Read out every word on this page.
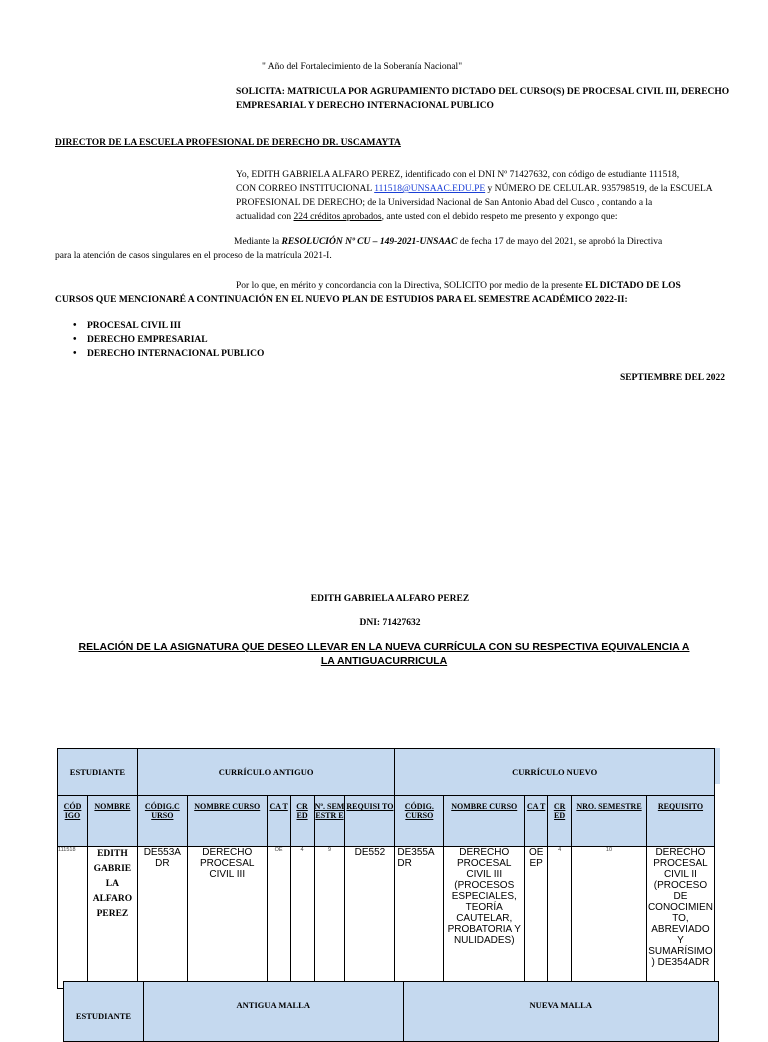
" Año del Fortalecimiento de la Soberanía Nacional"
SOLICITA: MATRICULA POR AGRUPAMIENTO DICTADO DEL CURSO(S) DE PROCESAL CIVIL III, DERECHO
EMPRESARIAL Y DERECHO INTERNACIONAL PUBLICO
DIRECTOR DE LA ESCUELA PROFESIONAL DE DERECHO DR. USCAMAYTA
Yo, EDITH GABRIELA ALFARO PEREZ, identificado con el DNI Nº 71427632, con código de estudiante 111518,
CON CORREO INSTITUCIONAL 111518@UNSAAC.EDU.PE y NÚMERO DE CELULAR. 935798519, de la ESCUELA
PROFESIONAL DE DERECHO; de la Universidad Nacional de San Antonio Abad del Cusco , contando a la
actualidad con 224 créditos aprobados, ante usted con el debido respeto me presento y expongo que:
Mediante la RESOLUCIÓN Nº CU – 149-2021-UNSAAC de fecha 17 de mayo del 2021, se aprobó la Directiva
para la atención de casos singulares en el proceso de la matrícula 2021-I.
Por lo que, en mérito y concordancia con la Directiva, SOLICITO por medio de la presente EL DICTADO DE LOS
CURSOS QUE MENCIONARÉ A CONTINUACIÓN EN EL NUEVO PLAN DE ESTUDIOS PARA EL SEMESTRE ACADÉMICO 2022-II:
• PROCESAL CIVIL III
• DERECHO EMPRESARIAL
• DERECHO INTERNACIONAL PUBLICO
SEPTIEMBRE DEL 2022
EDITH GABRIELA ALFARO PEREZ
DNI: 71427632
RELACIÓN DE LA ASIGNATURA QUE DESEO LLEVAR EN LA NUEVA CURRÍCULA CON SU RESPECTIVA EQUIVALENCIA A
LA ANTIGUACURRICULA
ESTUDIANTE		CURRÍCULO ANTIGUO						CURRÍCULO NUEVO					
CÓD IGO	NOMBRE	CÓDIG.C URSO	NOMBRE CURSO	CA T	CR ED	Nº. SEM ESTR E	REQUISI TO	CÓDIG. CURSO	NOMBRE CURSO	CA T	CR ED	NRO. SEMESTRE	REQUISITO
111518	EDITH GABRIE LA ALFARO PEREZ	DE553A DR	DERECHO PROCESAL CIVIL III	OE	4	9	DE552	DE355A DR	DERECHO PROCESAL CIVIL III (PROCESOS ESPECIALES, TEORÍA CAUTELAR, PROBATORIA Y NULIDADES)	OE EP	4	10	DERECHO PROCESAL CIVIL II (PROCESO DE CONOCIMIEN TO, ABREVIADO Y SUMARÍSIMO ) DE354ADR
ESTUDIANTE	ANTIGUA MALLA	NUEVA MALLA
